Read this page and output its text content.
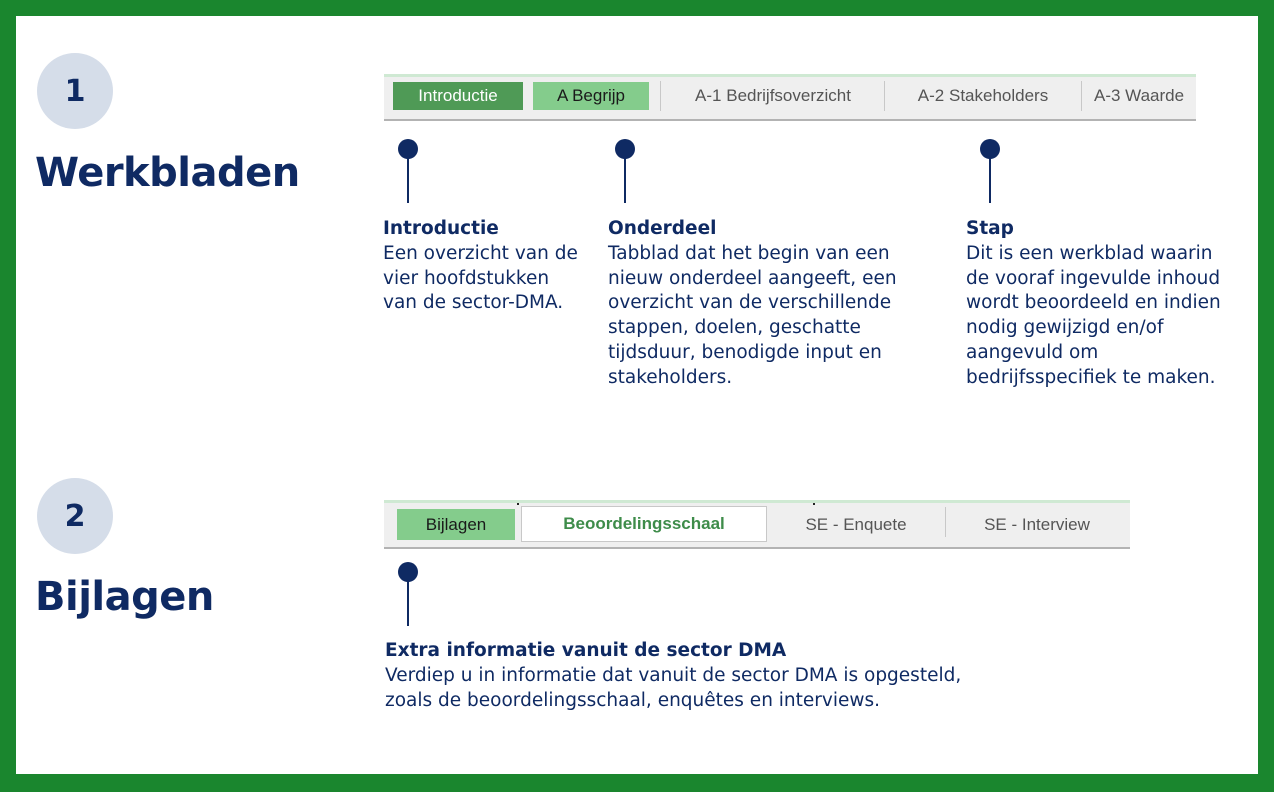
1
Werkbladen
Introductie	A Begrijp	A-1 Bedrijfsoverzicht	A-2 Stakeholders	A-3 Waarde
Introductie
Een overzicht van de
vier hoofdstukken
van de sector-DMA.
Onderdeel
Tabblad dat het begin van een
nieuw onderdeel aangeeft, een
overzicht van de verschillende
stappen, doelen, geschatte
tijdsduur, benodigde input en
stakeholders.
Stap
Dit is een werkblad waarin
de vooraf ingevulde inhoud
wordt beoordeeld en indien
nodig gewijzigd en/of
aangevuld om
bedrijfsspecifiek te maken.
2
Bijlagen
Bijlagen	Beoordelingsschaal	SE - Enquete	SE - Interview
Extra informatie vanuit de sector DMA
Verdiep u in informatie dat vanuit de sector DMA is opgesteld,
zoals de beoordelingsschaal, enquêtes en interviews.
